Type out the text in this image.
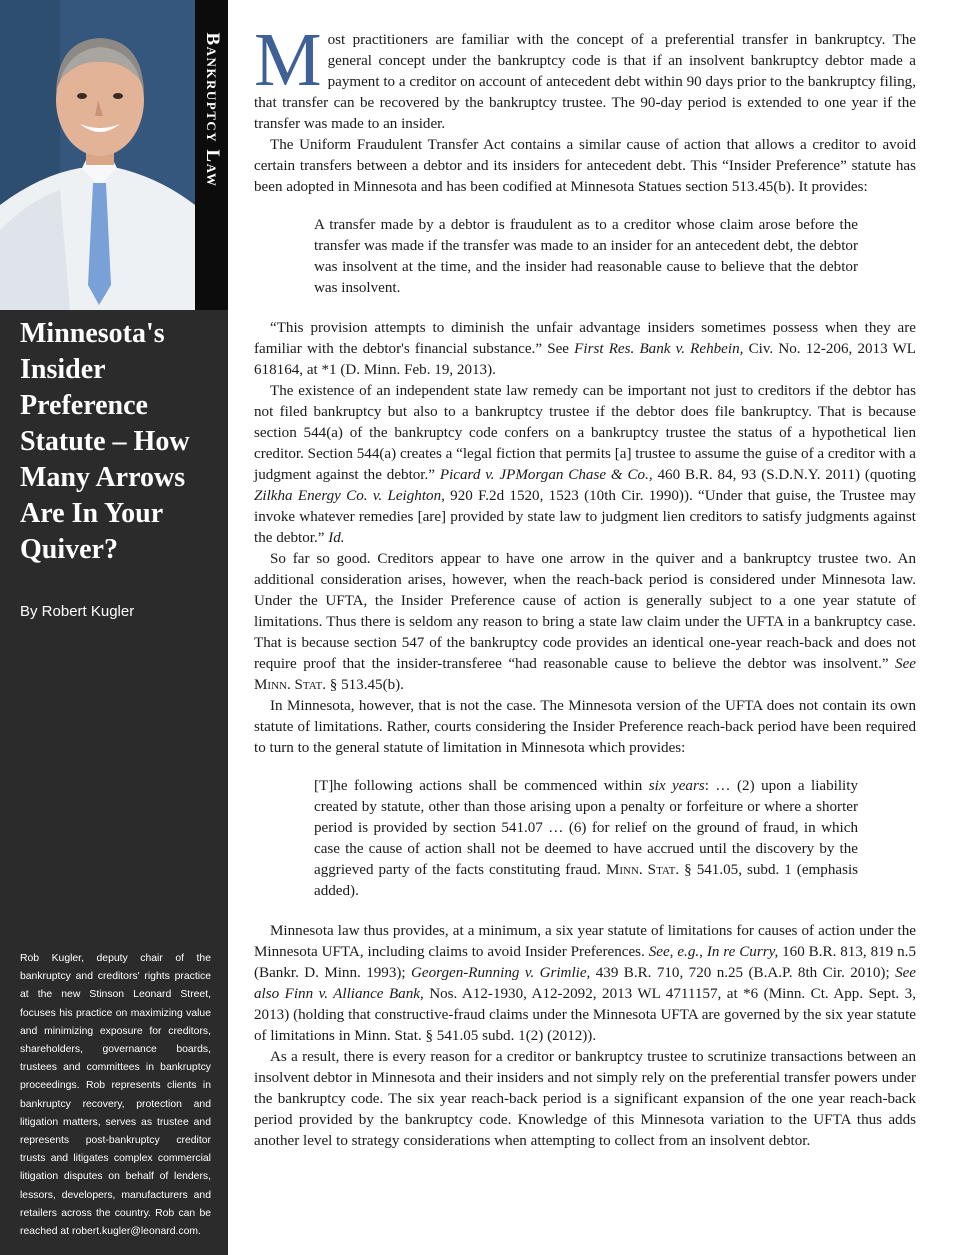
Bankruptcy Law
Minnesota's Insider Preference Statute – How Many Arrows Are In Your Quiver?
By Robert Kugler

Rob Kugler, deputy chair of the bankruptcy and creditors' rights practice at the new Stinson Leonard Street, focuses his practice on maximizing value and minimizing exposure for creditors, shareholders, governance boards, trustees and committees in bankruptcy proceedings. Rob represents clients in bankruptcy recovery, protection and litigation matters, serves as trustee and represents post-bankruptcy creditor trusts and litigates complex commercial litigation disputes on behalf of lenders, lessors, developers, manufacturers and retailers across the country. Rob can be reached at robert.kugler@leonard.com.

Most practitioners are familiar with the concept of a preferential transfer in bankruptcy. The general concept under the bankruptcy code is that if an insolvent bankruptcy debtor made a payment to a creditor on account of antecedent debt within 90 days prior to the bankruptcy filing, that transfer can be recovered by the bankruptcy trustee. The 90-day period is extended to one year if the transfer was made to an insider.

The Uniform Fraudulent Transfer Act contains a similar cause of action that allows a creditor to avoid certain transfers between a debtor and its insiders for antecedent debt. This “Insider Preference” statute has been adopted in Minnesota and has been codified at Minnesota Statues section 513.45(b). It provides:

A transfer made by a debtor is fraudulent as to a creditor whose claim arose before the transfer was made if the transfer was made to an insider for an antecedent debt, the debtor was insolvent at the time, and the insider had reasonable cause to believe that the debtor was insolvent.

“This provision attempts to diminish the unfair advantage insiders sometimes possess when they are familiar with the debtor's financial substance.” See First Res. Bank v. Rehbein, Civ. No. 12-206, 2013 WL 618164, at *1 (D. Minn. Feb. 19, 2013).

The existence of an independent state law remedy can be important not just to creditors if the debtor has not filed bankruptcy but also to a bankruptcy trustee if the debtor does file bankruptcy. That is because section 544(a) of the bankruptcy code confers on a bankruptcy trustee the status of a hypothetical lien creditor. Section 544(a) creates a “legal fiction that permits [a] trustee to assume the guise of a creditor with a judgment against the debtor.” Picard v. JPMorgan Chase & Co., 460 B.R. 84, 93 (S.D.N.Y. 2011) (quoting Zilkha Energy Co. v. Leighton, 920 F.2d 1520, 1523 (10th Cir. 1990)). “Under that guise, the Trustee may invoke whatever remedies [are] provided by state law to judgment lien creditors to satisfy judgments against the debtor.” Id.

So far so good. Creditors appear to have one arrow in the quiver and a bankruptcy trustee two. An additional consideration arises, however, when the reach-back period is considered under Minnesota law. Under the UFTA, the Insider Preference cause of action is generally subject to a one year statute of limitations. Thus there is seldom any reason to bring a state law claim under the UFTA in a bankruptcy case. That is because section 547 of the bankruptcy code provides an identical one-year reach-back and does not require proof that the insider-transferee “had reasonable cause to believe the debtor was insolvent.” See Minn. Stat. § 513.45(b).

In Minnesota, however, that is not the case. The Minnesota version of the UFTA does not contain its own statute of limitations. Rather, courts considering the Insider Preference reach-back period have been required to turn to the general statute of limitation in Minnesota which provides:

[T]he following actions shall be commenced within six years: … (2) upon a liability created by statute, other than those arising upon a penalty or forfeiture or where a shorter period is provided by section 541.07 … (6) for relief on the ground of fraud, in which case the cause of action shall not be deemed to have accrued until the discovery by the aggrieved party of the facts constituting fraud. Minn. Stat. § 541.05, subd. 1 (emphasis added).

Minnesota law thus provides, at a minimum, a six year statute of limitations for causes of action under the Minnesota UFTA, including claims to avoid Insider Preferences. See, e.g., In re Curry, 160 B.R. 813, 819 n.5 (Bankr. D. Minn. 1993); Georgen-Running v. Grimlie, 439 B.R. 710, 720 n.25 (B.A.P. 8th Cir. 2010); See also Finn v. Alliance Bank, Nos. A12-1930, A12-2092, 2013 WL 4711157, at *6 (Minn. Ct. App. Sept. 3, 2013) (holding that constructive-fraud claims under the Minnesota UFTA are governed by the six year statute of limitations in Minn. Stat. § 541.05 subd. 1(2) (2012)).

As a result, there is every reason for a creditor or bankruptcy trustee to scrutinize transactions between an insolvent debtor in Minnesota and their insiders and not simply rely on the preferential transfer powers under the bankruptcy code. The six year reach-back period is a significant expansion of the one year reach-back period provided by the bankruptcy code. Knowledge of this Minnesota variation to the UFTA thus adds another level to strategy considerations when attempting to collect from an insolvent debtor.
